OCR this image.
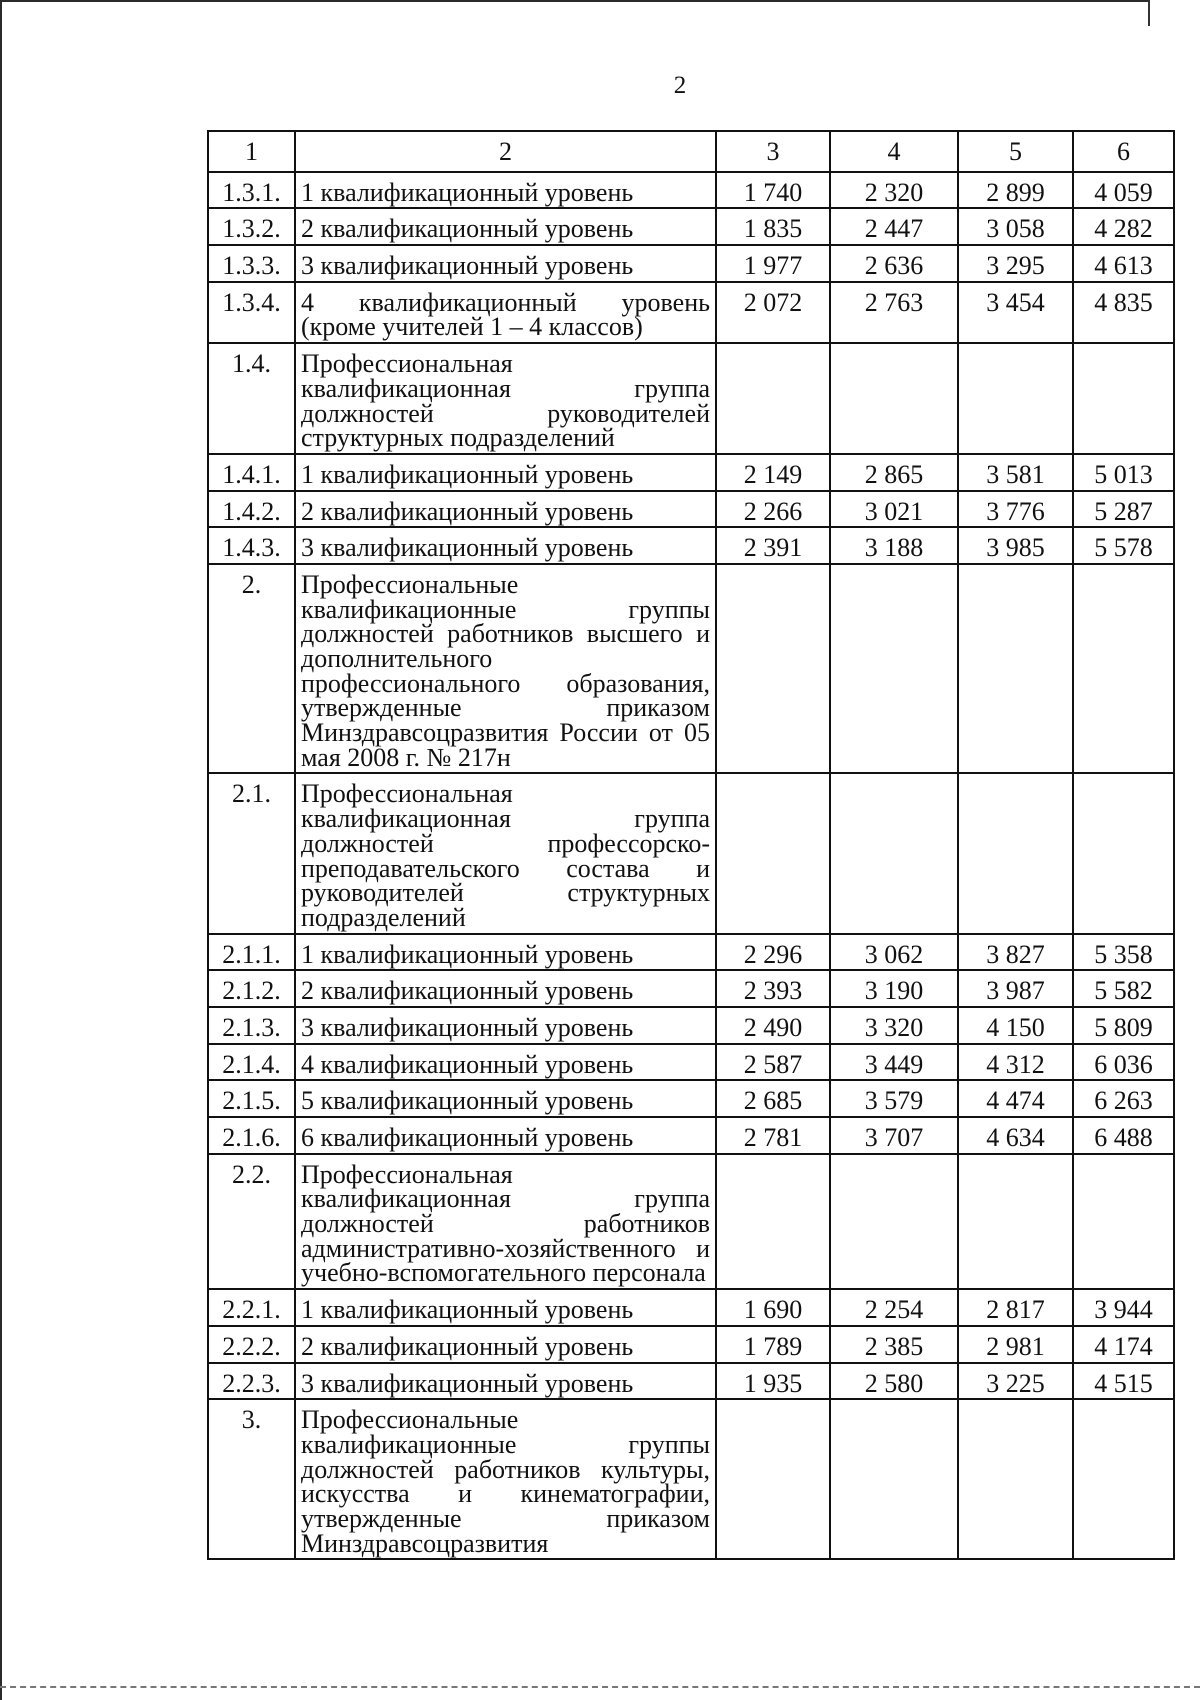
2
1	2	3	4	5	6
1.3.1.	1 квалификационный уровень	1 740	2 320	2 899	4 059
1.3.2.	2 квалификационный уровень	1 835	2 447	3 058	4 282
1.3.3.	3 квалификационный уровень	1 977	2 636	3 295	4 613
1.3.4.	4 квалификационный уровень (кроме учителей 1 – 4 классов)	2 072	2 763	3 454	4 835
1.4.	Профессиональная квалификационная группа должностей руководителей структурных подразделений				
1.4.1.	1 квалификационный уровень	2 149	2 865	3 581	5 013
1.4.2.	2 квалификационный уровень	2 266	3 021	3 776	5 287
1.4.3.	3 квалификационный уровень	2 391	3 188	3 985	5 578
2.	Профессиональные квалификационные группы должностей работников высшего и дополнительного профессионального образования, утвержденные приказом Минздравсоцразвития России от 05 мая 2008 г. № 217н				
2.1.	Профессиональная квалификационная группа должностей профессорско-преподавательского состава и руководителей структурных подразделений				
2.1.1.	1 квалификационный уровень	2 296	3 062	3 827	5 358
2.1.2.	2 квалификационный уровень	2 393	3 190	3 987	5 582
2.1.3.	3 квалификационный уровень	2 490	3 320	4 150	5 809
2.1.4.	4 квалификационный уровень	2 587	3 449	4 312	6 036
2.1.5.	5 квалификационный уровень	2 685	3 579	4 474	6 263
2.1.6.	6 квалификационный уровень	2 781	3 707	4 634	6 488
2.2.	Профессиональная квалификационная группа должностей работников административно-хозяйственного и учебно-вспомогательного персонала				
2.2.1.	1 квалификационный уровень	1 690	2 254	2 817	3 944
2.2.2.	2 квалификационный уровень	1 789	2 385	2 981	4 174
2.2.3.	3 квалификационный уровень	1 935	2 580	3 225	4 515
3.	Профессиональные квалификационные группы должностей работников культуры, искусства и кинематографии, утвержденные приказом Минздравсоцразвития				
